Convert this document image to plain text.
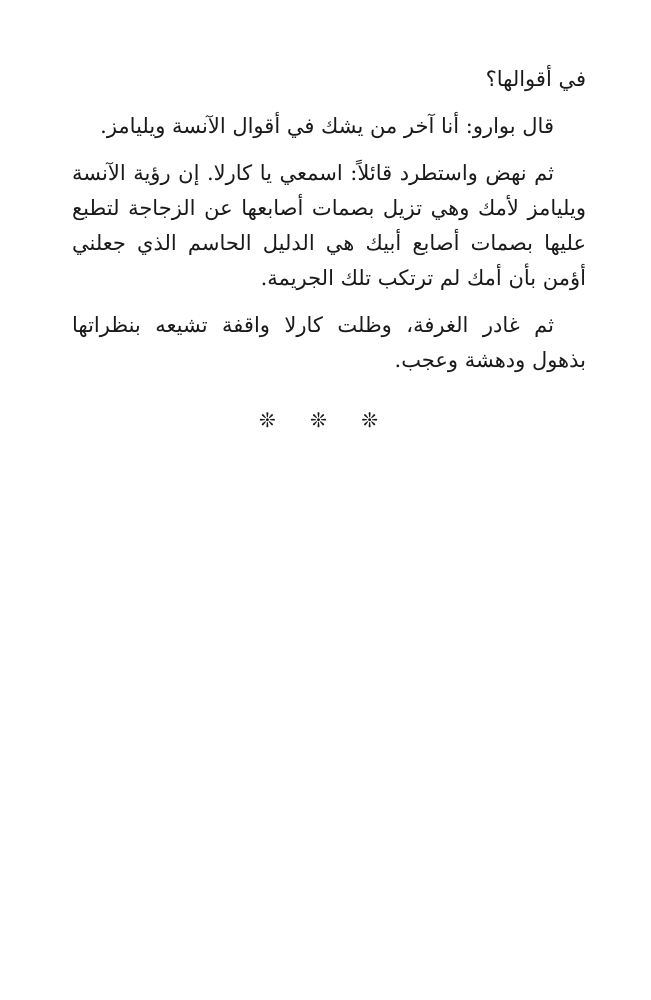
في أقوالها؟

قال بوارو: أنا آخر من يشك في أقوال الآنسة ويليامز.

ثم نهض واستطرد قائلاً: اسمعي يا كارلا. إن رؤية الآنسة ويليامز لأمك وهي تزيل بصمات أصابعها عن الزجاجة لتطبع عليها بصمات أصابع أبيك هي الدليل الحاسم الذي جعلني أؤمن بأن أمك لم ترتكب تلك الجريمة.

ثم غادر الغرفة، وظلت كارلا واقفة تشيعه بنظراتها بذهول ودهشة وعجب.

❊ ❊ ❊
